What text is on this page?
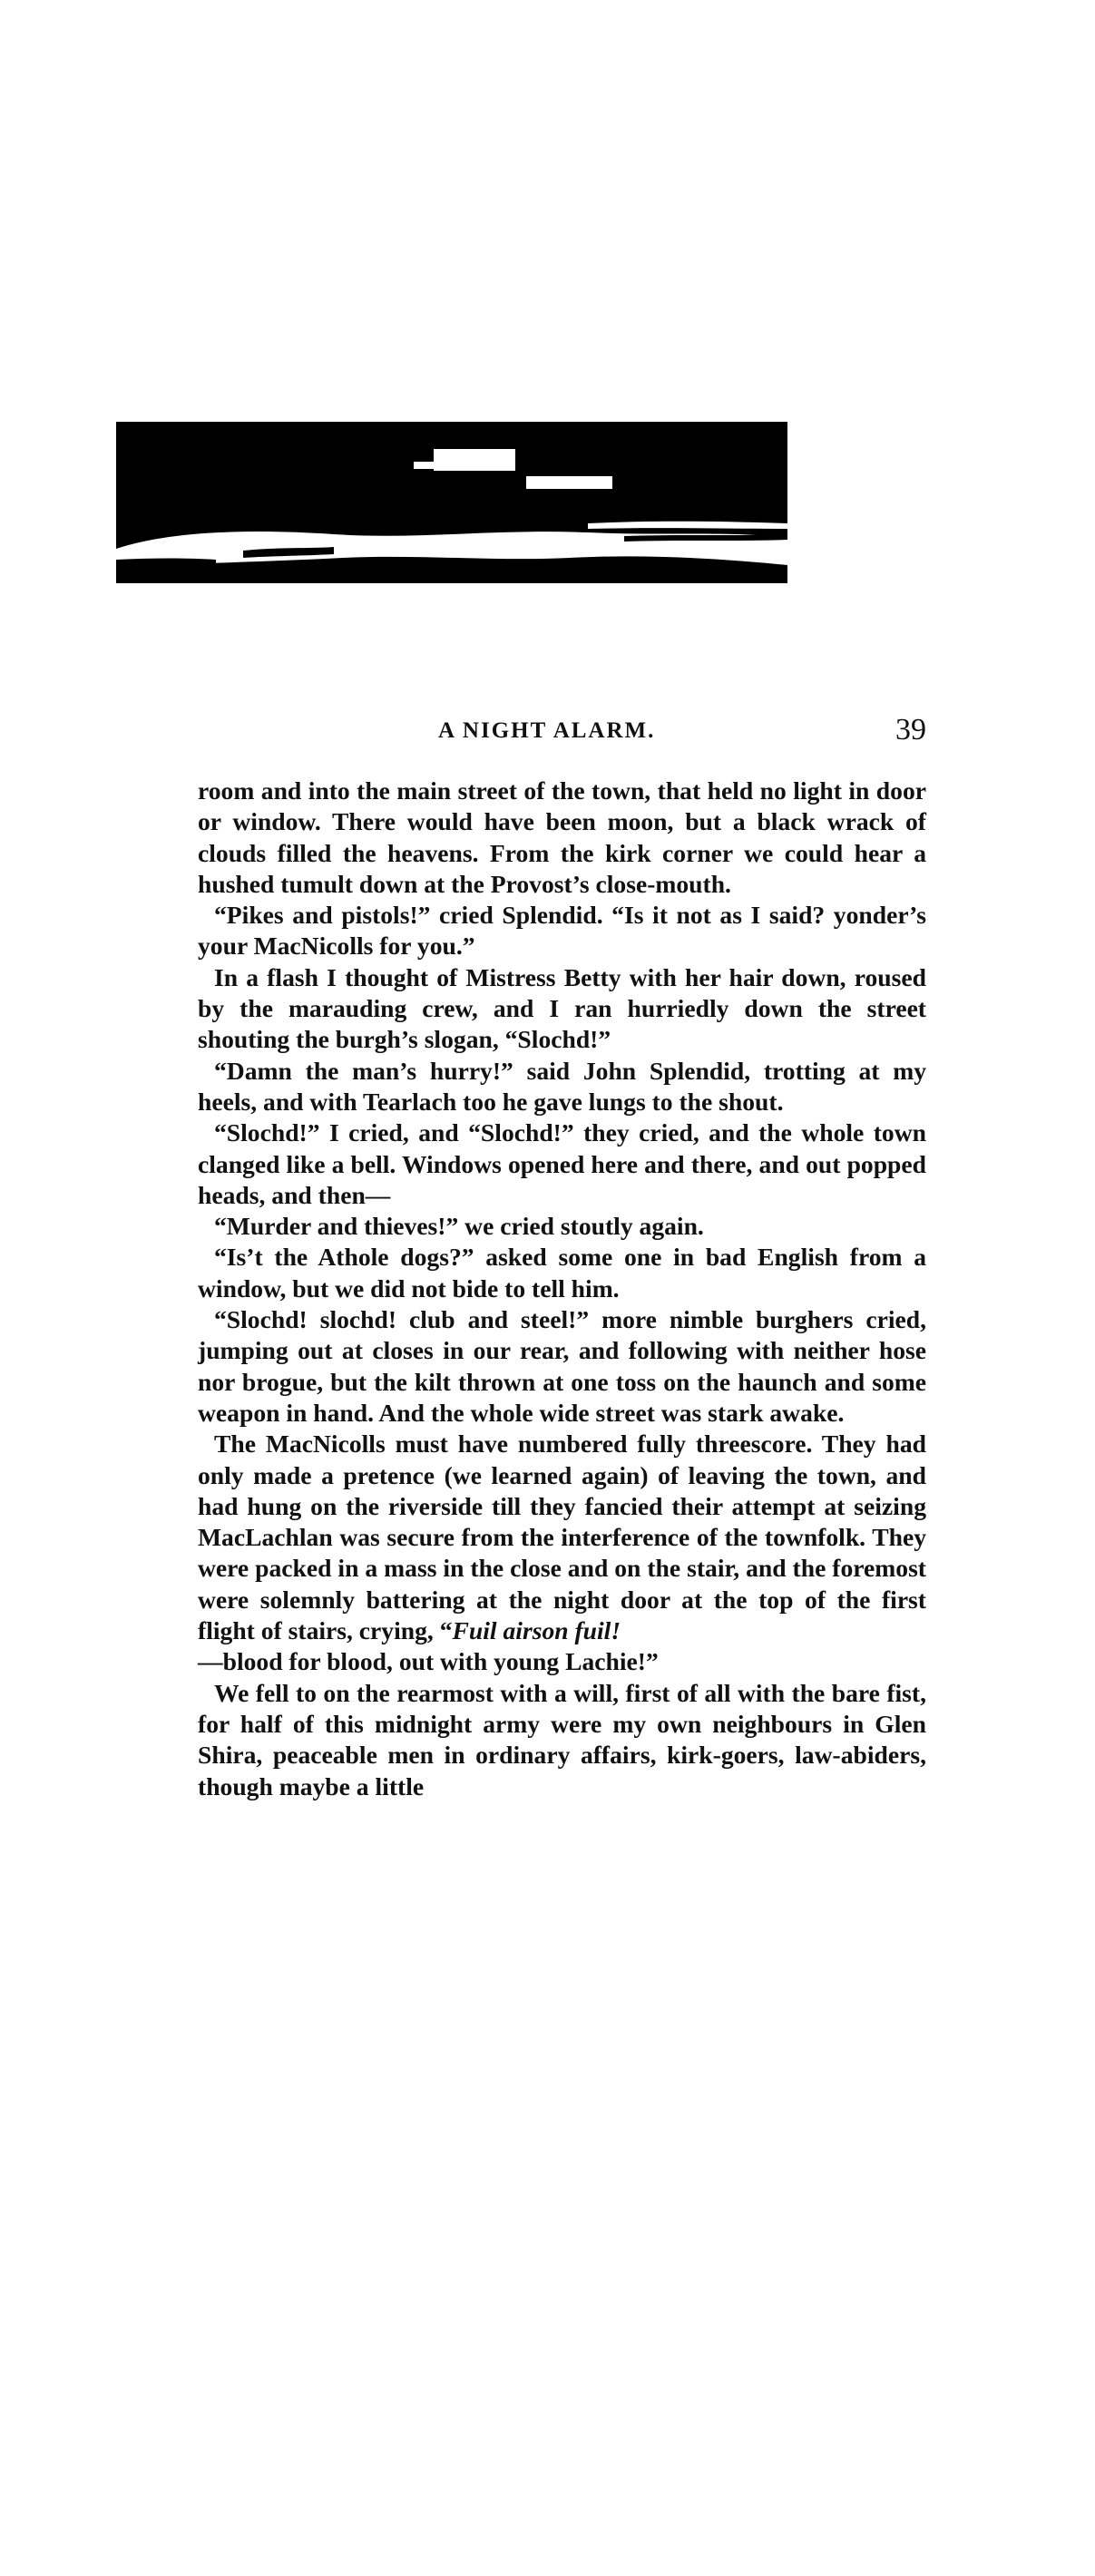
A NIGHT ALARM.	39

room and into the main street of the town, that held no light in door or window. There would have been moon, but a black wrack of clouds filled the heavens. From the kirk corner we could hear a hushed tumult down at the Provost’s close-mouth.

“Pikes and pistols!” cried Splendid. “Is it not as I said? yonder’s your MacNicolls for you.”

In a flash I thought of Mistress Betty with her hair down, roused by the marauding crew, and I ran hurriedly down the street shouting the burgh’s slogan, “Slochd!”

“Damn the man’s hurry!” said John Splendid, trotting at my heels, and with Tearlach too he gave lungs to the shout.

“Slochd!” I cried, and “Slochd!” they cried, and the whole town clanged like a bell. Windows opened here and there, and out popped heads, and then—

“Murder and thieves!” we cried stoutly again.

“Is’t the Athole dogs?” asked some one in bad English from a window, but we did not bide to tell him.

“Slochd! slochd! club and steel!” more nimble burghers cried, jumping out at closes in our rear, and following with neither hose nor brogue, but the kilt thrown at one toss on the haunch and some weapon in hand. And the whole wide street was stark awake.

The MacNicolls must have numbered fully threescore. They had only made a pretence (we learned again) of leaving the town, and had hung on the riverside till they fancied their attempt at seizing MacLachlan was secure from the interference of the townfolk. They were packed in a mass in the close and on the stair, and the foremost were solemnly battering at the night door at the top of the first flight of stairs, crying, “Fuil airson fuil!
—blood for blood, out with young Lachie!”

We fell to on the rearmost with a will, first of all with the bare fist, for half of this midnight army were my own neighbours in Glen Shira, peaceable men in ordinary affairs, kirk-goers, law-abiders, though maybe a little
